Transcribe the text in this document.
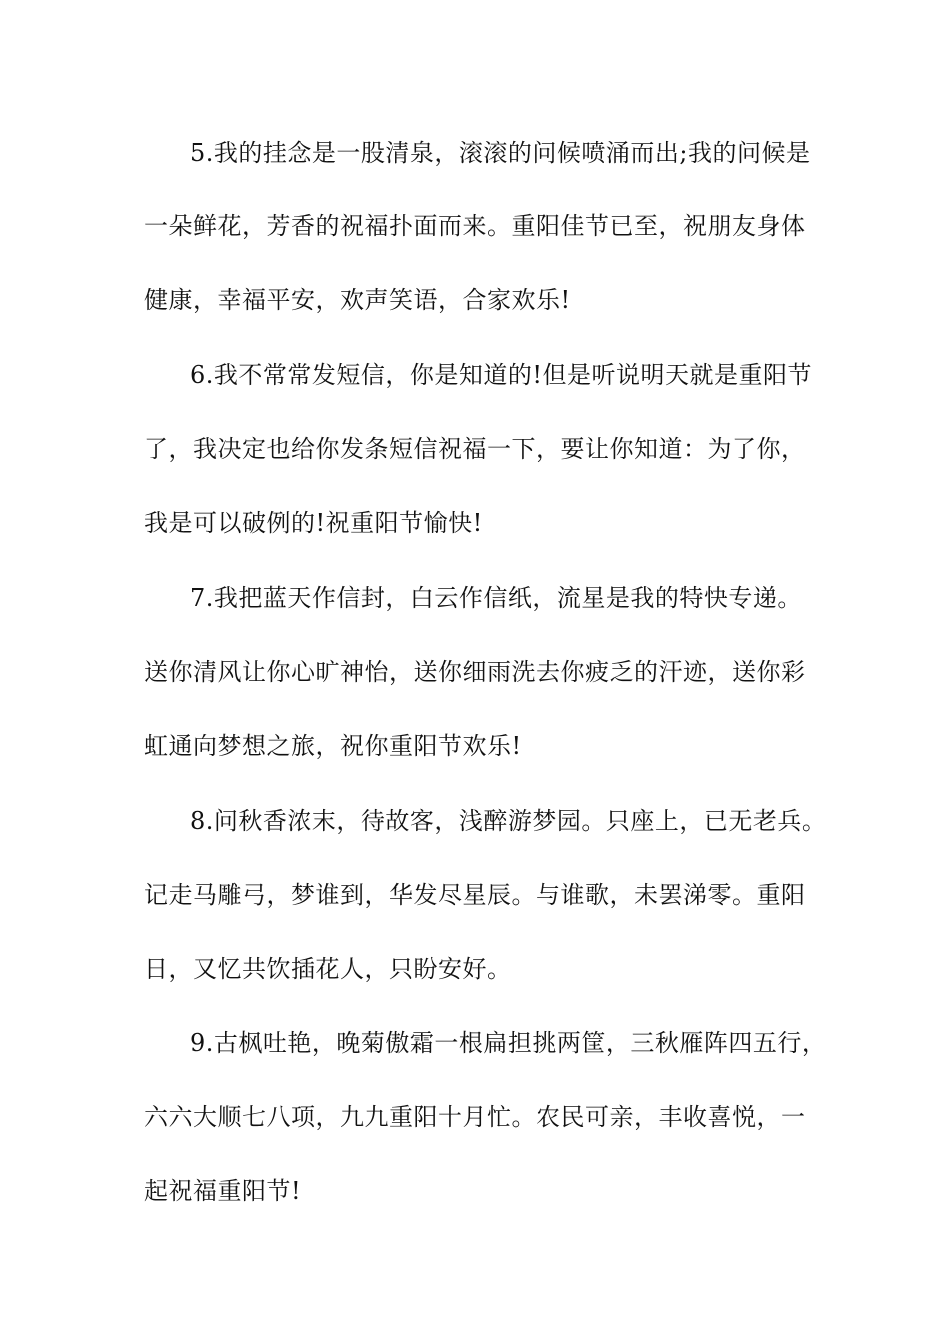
5.我的挂念是一股清泉，滚滚的问候喷涌而出;我的问候是
一朵鲜花，芳香的祝福扑面而来。重阳佳节已至，祝朋友身体
健康，幸福平安，欢声笑语，合家欢乐!
6.我不常常发短信，你是知道的!但是听说明天就是重阳节
了，我决定也给你发条短信祝福一下，要让你知道：为了你，
我是可以破例的!祝重阳节愉快!
7.我把蓝天作信封，白云作信纸，流星是我的特快专递。
送你清风让你心旷神怡，送你细雨洗去你疲乏的汗迹，送你彩
虹通向梦想之旅，祝你重阳节欢乐!
8.问秋香浓末，待故客，浅醉游梦园。只座上，已无老兵。
记走马雕弓，梦谁到，华发尽星辰。与谁歌，未罢涕零。重阳
日，又忆共饮插花人，只盼安好。
9.古枫吐艳，晚菊傲霜一根扁担挑两筐，三秋雁阵四五行，
六六大顺七八项，九九重阳十月忙。农民可亲，丰收喜悦，一
起祝福重阳节!
